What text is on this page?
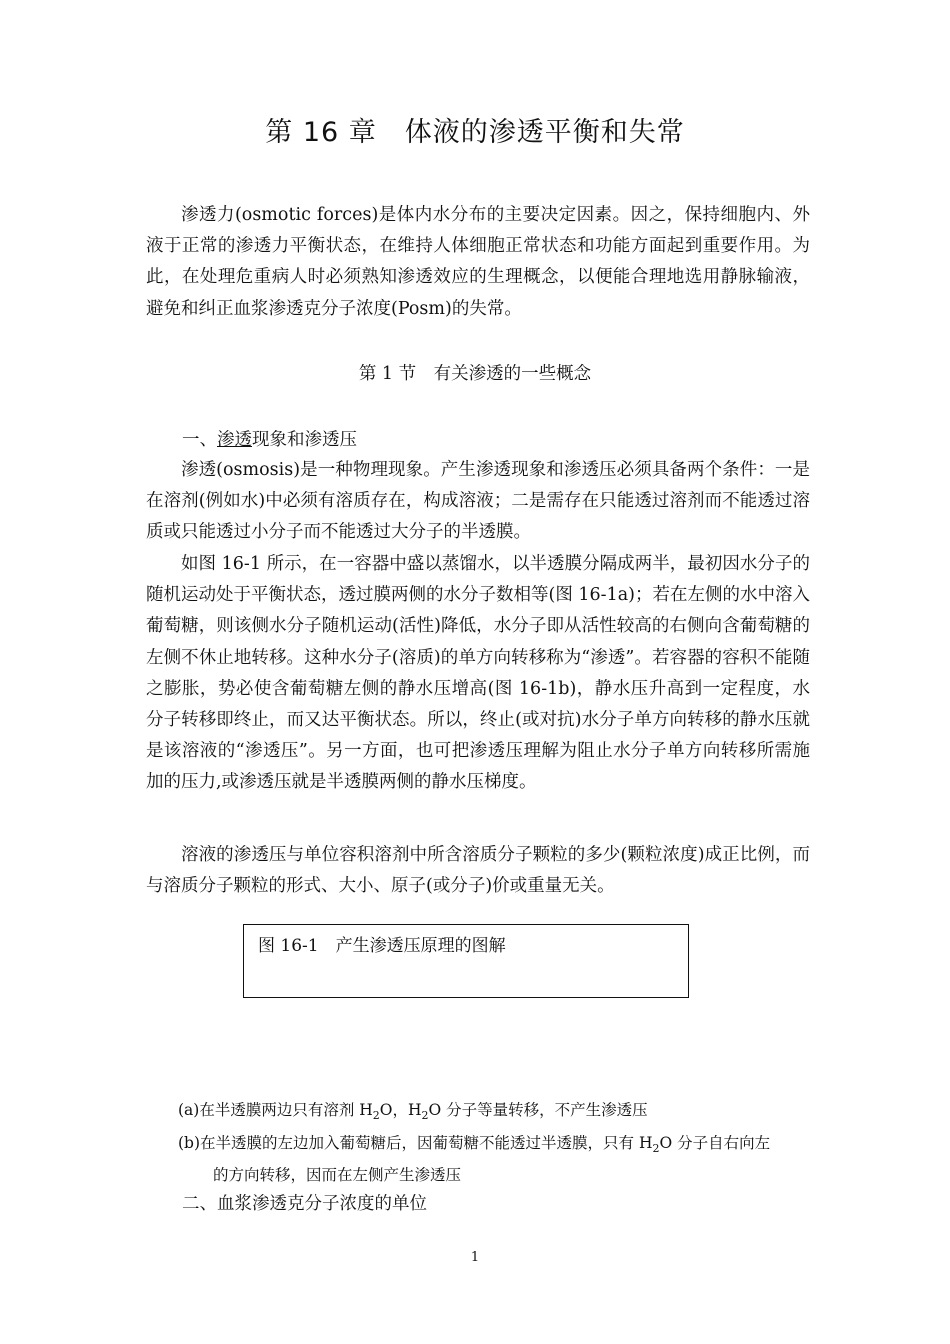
第 16 章　体液的渗透平衡和失常
渗透力(osmotic forces)是体内水分布的主要决定因素。因之，保持细胞内、外液于正常的渗透力平衡状态，在维持人体细胞正常状态和功能方面起到重要作用。为此，在处理危重病人时必须熟知渗透效应的生理概念，以便能合理地选用静脉输液，避免和纠正血浆渗透克分子浓度(Posm)的失常。
第 1 节　有关渗透的一些概念
一、渗透现象和渗透压
渗透(osmosis)是一种物理现象。产生渗透现象和渗透压必须具备两个条件：一是在溶剂(例如水)中必须有溶质存在，构成溶液；二是需存在只能透过溶剂而不能透过溶质或只能透过小分子而不能透过大分子的半透膜。
如图 16-1 所示，在一容器中盛以蒸馏水，以半透膜分隔成两半，最初因水分子的随机运动处于平衡状态，透过膜两侧的水分子数相等(图 16-1a)；若在左侧的水中溶入葡萄糖，则该侧水分子随机运动(活性)降低，水分子即从活性较高的右侧向含葡萄糖的左侧不休止地转移。这种水分子(溶质)的单方向转移称为“渗透”。若容器的容积不能随之膨胀，势必使含葡萄糖左侧的静水压增高(图 16-1b)，静水压升高到一定程度，水分子转移即终止，而又达平衡状态。所以，终止(或对抗)水分子单方向转移的静水压就是该溶液的“渗透压”。另一方面，也可把渗透压理解为阻止水分子单方向转移所需施加的压力,或渗透压就是半透膜两侧的静水压梯度。
溶液的渗透压与单位容积溶剂中所含溶质分子颗粒的多少(颗粒浓度)成正比例，而与溶质分子颗粒的形式、大小、原子(或分子)价或重量无关。
图 16-1　产生渗透压原理的图解
(a)在半透膜两边只有溶剂 $H_2O$，$H_2O$ 分子等量转移，不产生渗透压
(b)在半透膜的左边加入葡萄糖后，因葡萄糖不能透过半透膜，只有 $H_2O$ 分子自右向左
的方向转移，因而在左侧产生渗透压
二、血浆渗透克分子浓度的单位
1
